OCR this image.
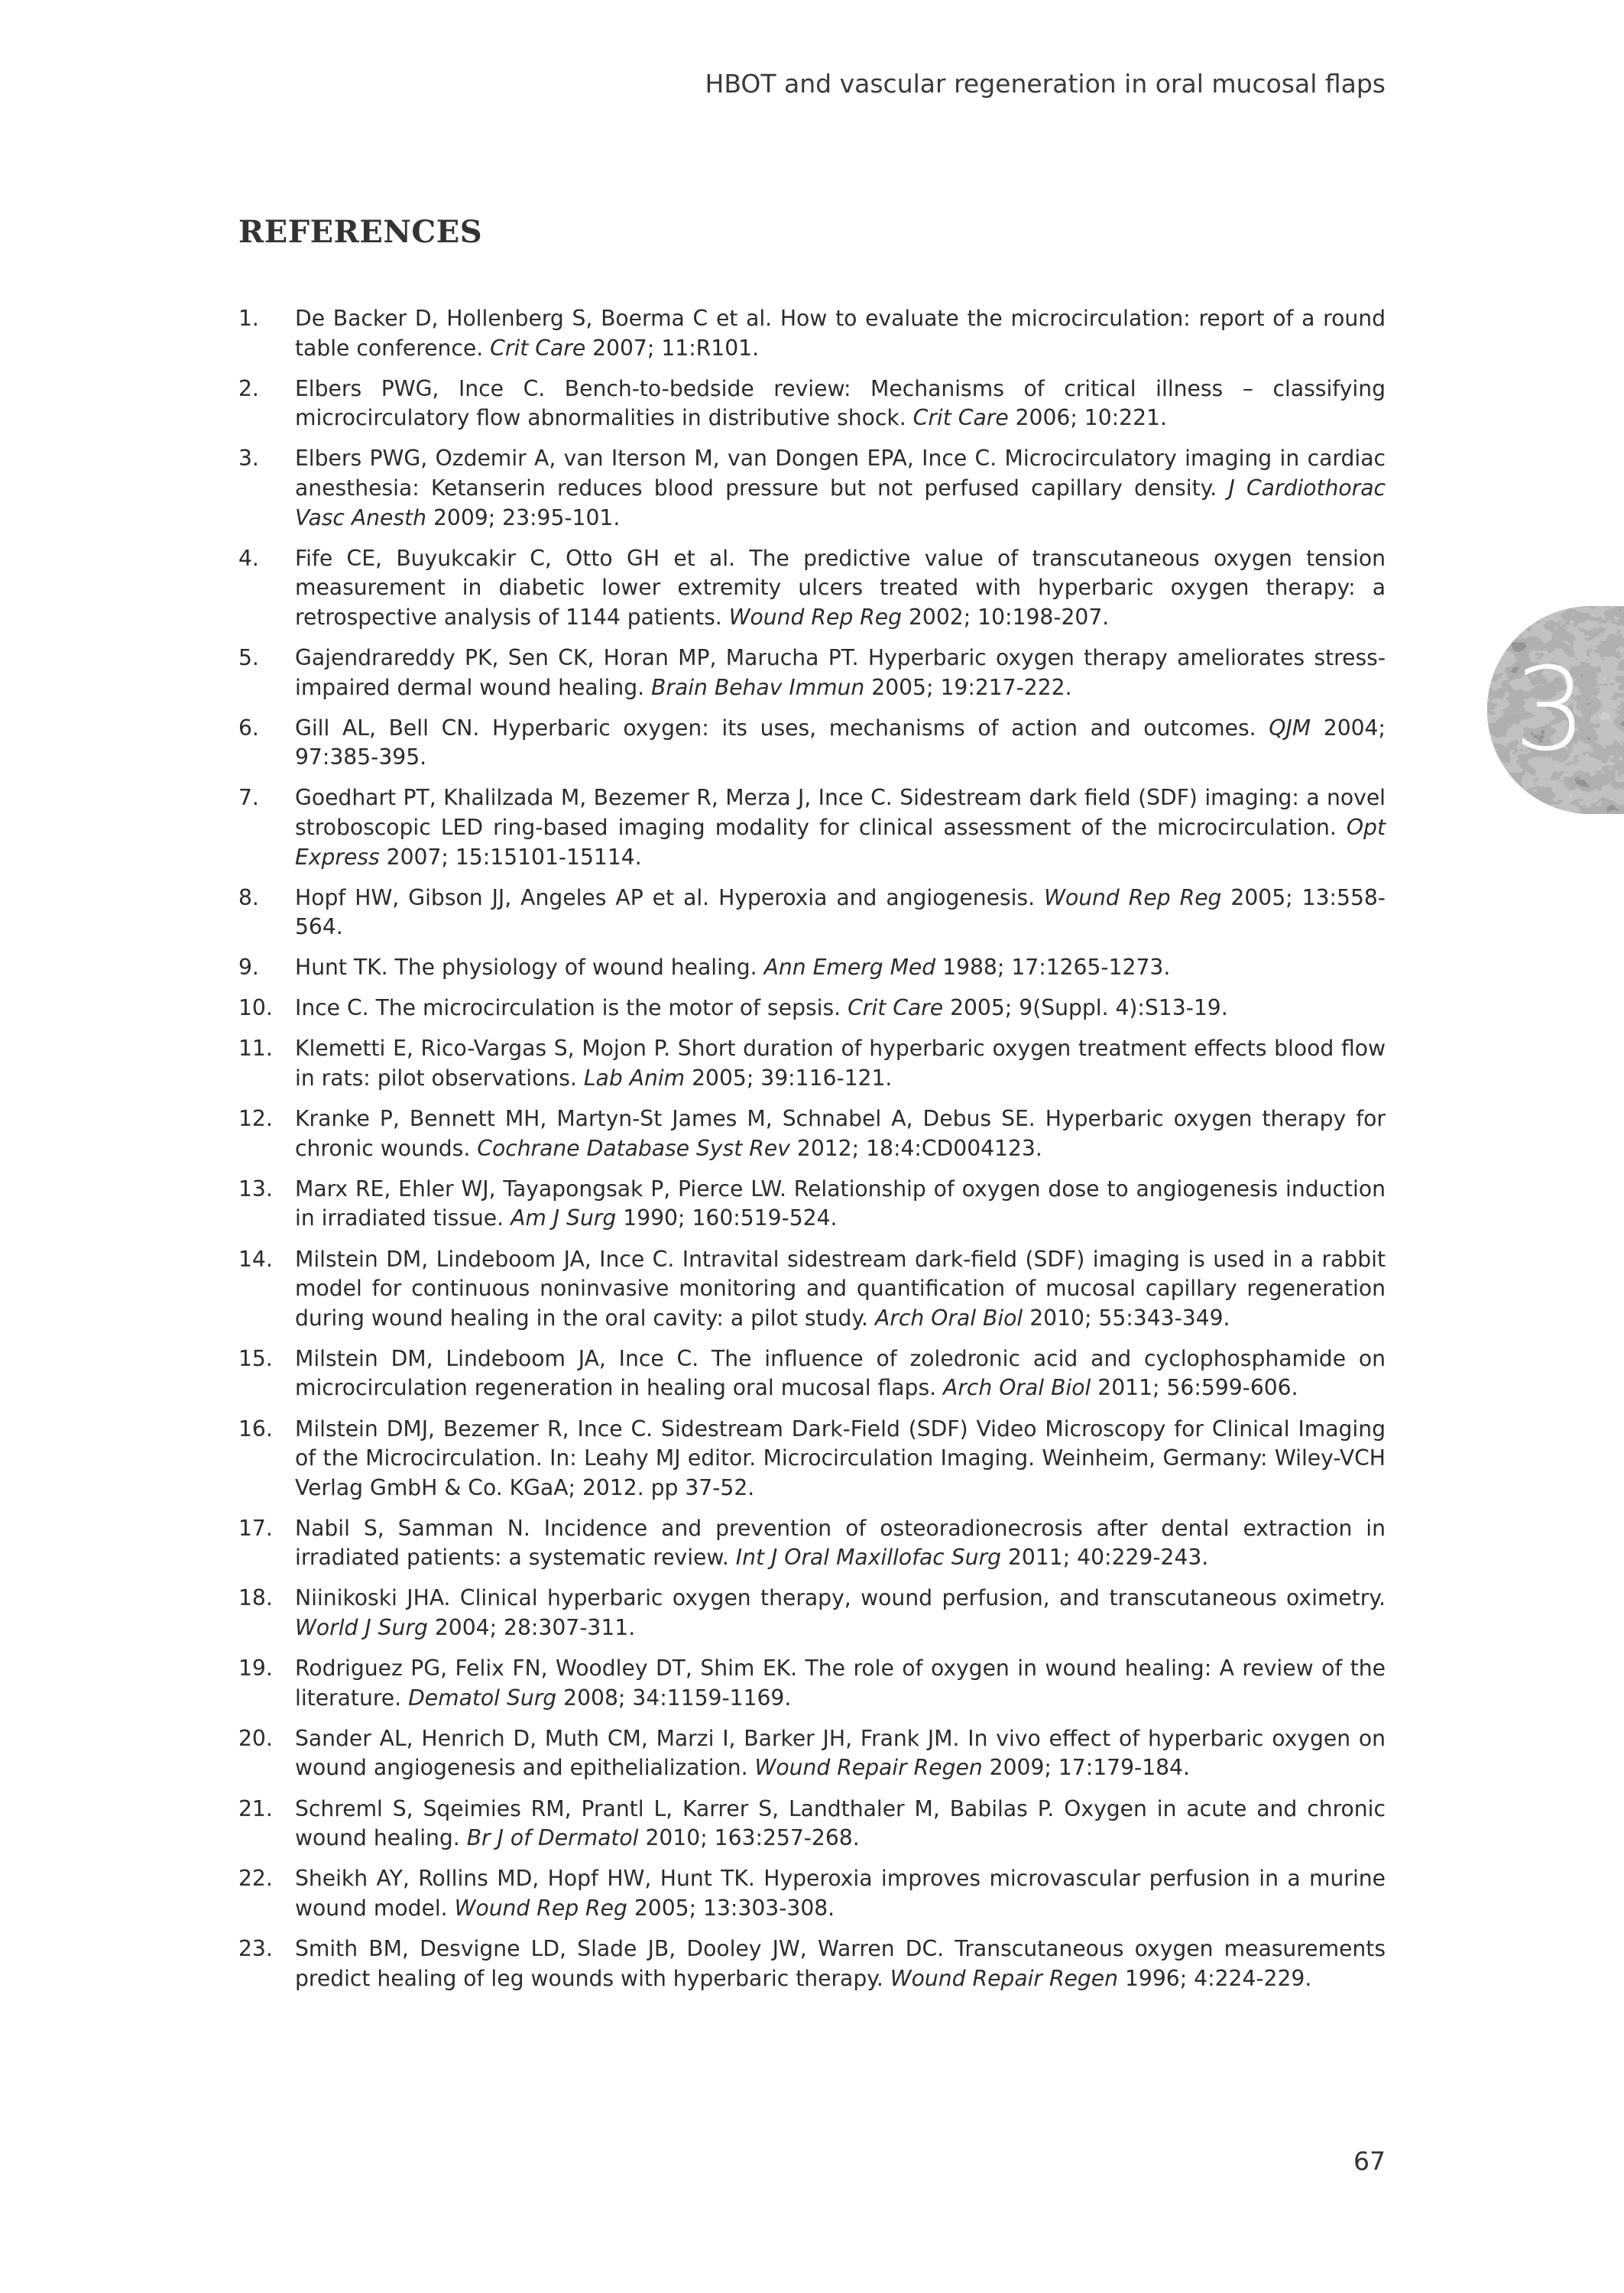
HBOT and vascular regeneration in oral mucosal flaps
REFERENCES
1. De Backer D, Hollenberg S, Boerma C et al. How to evaluate the microcirculation: report of a round table conference. Crit Care 2007; 11:R101.
2. Elbers PWG, Ince C. Bench-to-bedside review: Mechanisms of critical illness – classifying microcirculatory flow abnormalities in distributive shock. Crit Care 2006; 10:221.
3. Elbers PWG, Ozdemir A, van Iterson M, van Dongen EPA, Ince C. Microcirculatory imaging in cardiac anesthesia: Ketanserin reduces blood pressure but not perfused capillary density. J Cardiothorac Vasc Anesth 2009; 23:95-101.
4. Fife CE, Buyukcakir C, Otto GH et al. The predictive value of transcutaneous oxygen tension measurement in diabetic lower extremity ulcers treated with hyperbaric oxygen therapy: a retrospective analysis of 1144 patients. Wound Rep Reg 2002; 10:198-207.
5. Gajendrareddy PK, Sen CK, Horan MP, Marucha PT. Hyperbaric oxygen therapy ameliorates stress-impaired dermal wound healing. Brain Behav Immun 2005; 19:217-222.
6. Gill AL, Bell CN. Hyperbaric oxygen: its uses, mechanisms of action and outcomes. QJM 2004; 97:385-395.
7. Goedhart PT, Khalilzada M, Bezemer R, Merza J, Ince C. Sidestream dark field (SDF) imaging: a novel stroboscopic LED ring-based imaging modality for clinical assessment of the microcirculation. Opt Express 2007; 15:15101-15114.
8. Hopf HW, Gibson JJ, Angeles AP et al. Hyperoxia and angiogenesis. Wound Rep Reg 2005; 13:558-564.
9. Hunt TK. The physiology of wound healing. Ann Emerg Med 1988; 17:1265-1273.
10. Ince C. The microcirculation is the motor of sepsis. Crit Care 2005; 9(Suppl. 4):S13-19.
11. Klemetti E, Rico-Vargas S, Mojon P. Short duration of hyperbaric oxygen treatment effects blood flow in rats: pilot observations. Lab Anim 2005; 39:116-121.
12. Kranke P, Bennett MH, Martyn-St James M, Schnabel A, Debus SE. Hyperbaric oxygen therapy for chronic wounds. Cochrane Database Syst Rev 2012; 18:4:CD004123.
13. Marx RE, Ehler WJ, Tayapongsak P, Pierce LW. Relationship of oxygen dose to angiogenesis induction in irradiated tissue. Am J Surg 1990; 160:519-524.
14. Milstein DM, Lindeboom JA, Ince C. Intravital sidestream dark-field (SDF) imaging is used in a rabbit model for continuous noninvasive monitoring and quantification of mucosal capillary regeneration during wound healing in the oral cavity: a pilot study. Arch Oral Biol 2010; 55:343-349.
15. Milstein DM, Lindeboom JA, Ince C. The influence of zoledronic acid and cyclophosphamide on microcirculation regeneration in healing oral mucosal flaps. Arch Oral Biol 2011; 56:599-606.
16. Milstein DMJ, Bezemer R, Ince C. Sidestream Dark-Field (SDF) Video Microscopy for Clinical Imaging of the Microcirculation. In: Leahy MJ editor. Microcirculation Imaging. Weinheim, Germany: Wiley-VCH Verlag GmbH & Co. KGaA; 2012. pp 37-52.
17. Nabil S, Samman N. Incidence and prevention of osteoradionecrosis after dental extraction in irradiated patients: a systematic review. Int J Oral Maxillofac Surg 2011; 40:229-243.
18. Niinikoski JHA. Clinical hyperbaric oxygen therapy, wound perfusion, and transcutaneous oximetry. World J Surg 2004; 28:307-311.
19. Rodriguez PG, Felix FN, Woodley DT, Shim EK. The role of oxygen in wound healing: A review of the literature. Dematol Surg 2008; 34:1159-1169.
20. Sander AL, Henrich D, Muth CM, Marzi I, Barker JH, Frank JM. In vivo effect of hyperbaric oxygen on wound angiogenesis and epithelialization. Wound Repair Regen 2009; 17:179-184.
21. Schreml S, Sqeimies RM, Prantl L, Karrer S, Landthaler M, Babilas P. Oxygen in acute and chronic wound healing. Br J of Dermatol 2010; 163:257-268.
22. Sheikh AY, Rollins MD, Hopf HW, Hunt TK. Hyperoxia improves microvascular perfusion in a murine wound model. Wound Rep Reg 2005; 13:303-308.
23. Smith BM, Desvigne LD, Slade JB, Dooley JW, Warren DC. Transcutaneous oxygen measurements predict healing of leg wounds with hyperbaric therapy. Wound Repair Regen 1996; 4:224-229.
3
67
